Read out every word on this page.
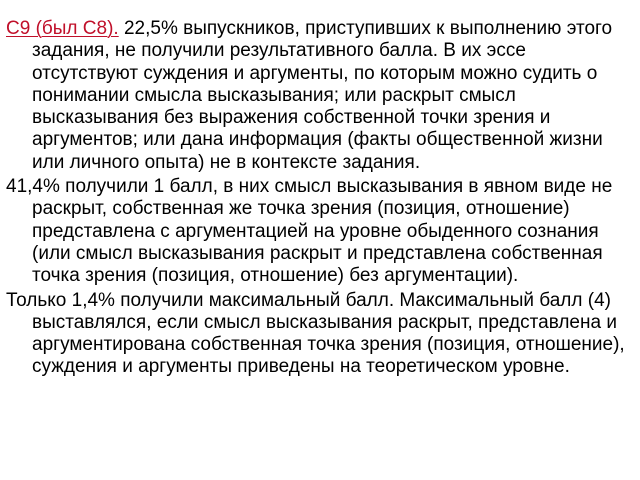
С9 (был С8). 22,5% выпускников, приступивших к выполнению этого задания, не получили результативного балла. В их эссе отсутствуют суждения и аргументы, по которым можно судить о понимании смысла высказывания; или раскрыт смысл высказывания без выражения собственной точки зрения и аргументов; или дана информация (факты общественной жизни или личного опыта) не в контексте задания.

41,4% получили 1 балл, в них смысл высказывания в явном виде не раскрыт, собственная же точка зрения (позиция, отношение) представлена с аргументацией на уровне обыденного сознания (или смысл высказывания раскрыт и представлена собственная точка зрения (позиция, отношение) без аргументации).

Только 1,4% получили максимальный балл. Максимальный балл (4) выставлялся, если смысл высказывания раскрыт, представлена и аргументирована собственная точка зрения (позиция, отношение), суждения и аргументы приведены на теоретическом уровне.
